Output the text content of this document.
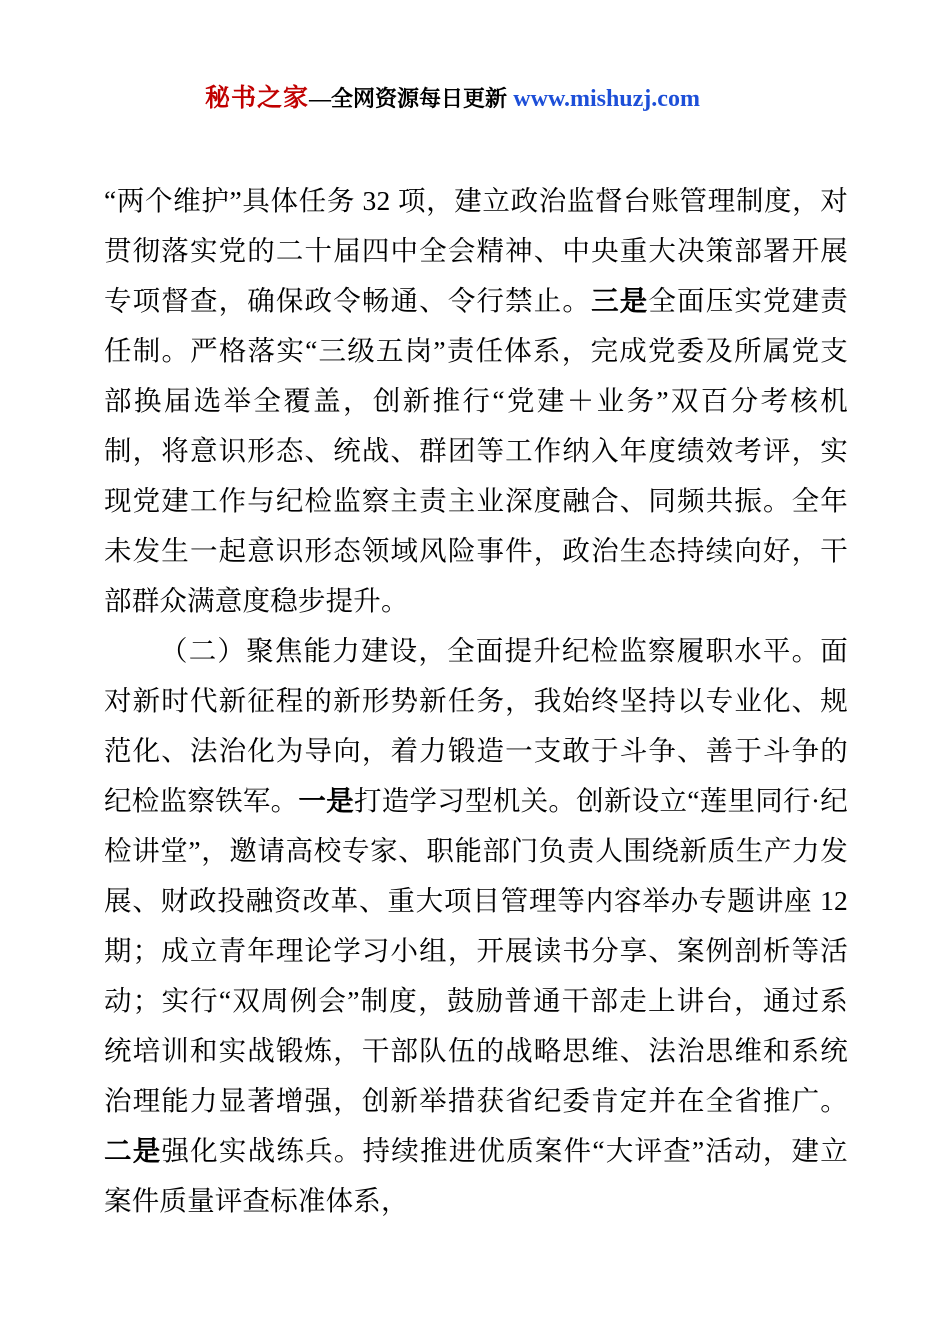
秘书之家—全网资源每日更新 www.mishuzj.com

“两个维护”具体任务 32 项，建立政治监督台账管理制度，对贯彻落实党的二十届四中全会精神、中央重大决策部署开展专项督查，确保政令畅通、令行禁止。三是全面压实党建责任制。严格落实“三级五岗”责任体系，完成党委及所属党支部换届选举全覆盖，创新推行“党建＋业务”双百分考核机制，将意识形态、统战、群团等工作纳入年度绩效考评，实现党建工作与纪检监察主责主业深度融合、同频共振。全年未发生一起意识形态领域风险事件，政治生态持续向好，干部群众满意度稳步提升。

（二）聚焦能力建设，全面提升纪检监察履职水平。面对新时代新征程的新形势新任务，我始终坚持以专业化、规范化、法治化为导向，着力锻造一支敢于斗争、善于斗争的纪检监察铁军。一是打造学习型机关。创新设立“莲里同行·纪检讲堂”，邀请高校专家、职能部门负责人围绕新质生产力发展、财政投融资改革、重大项目管理等内容举办专题讲座 12 期；成立青年理论学习小组，开展读书分享、案例剖析等活动；实行“双周例会”制度，鼓励普通干部走上讲台，通过系统培训和实战锻炼，干部队伍的战略思维、法治思维和系统治理能力显著增强，创新举措获省纪委肯定并在全省推广。二是强化实战练兵。持续推进优质案件“大评查”活动，建立案件质量评查标准体系，
